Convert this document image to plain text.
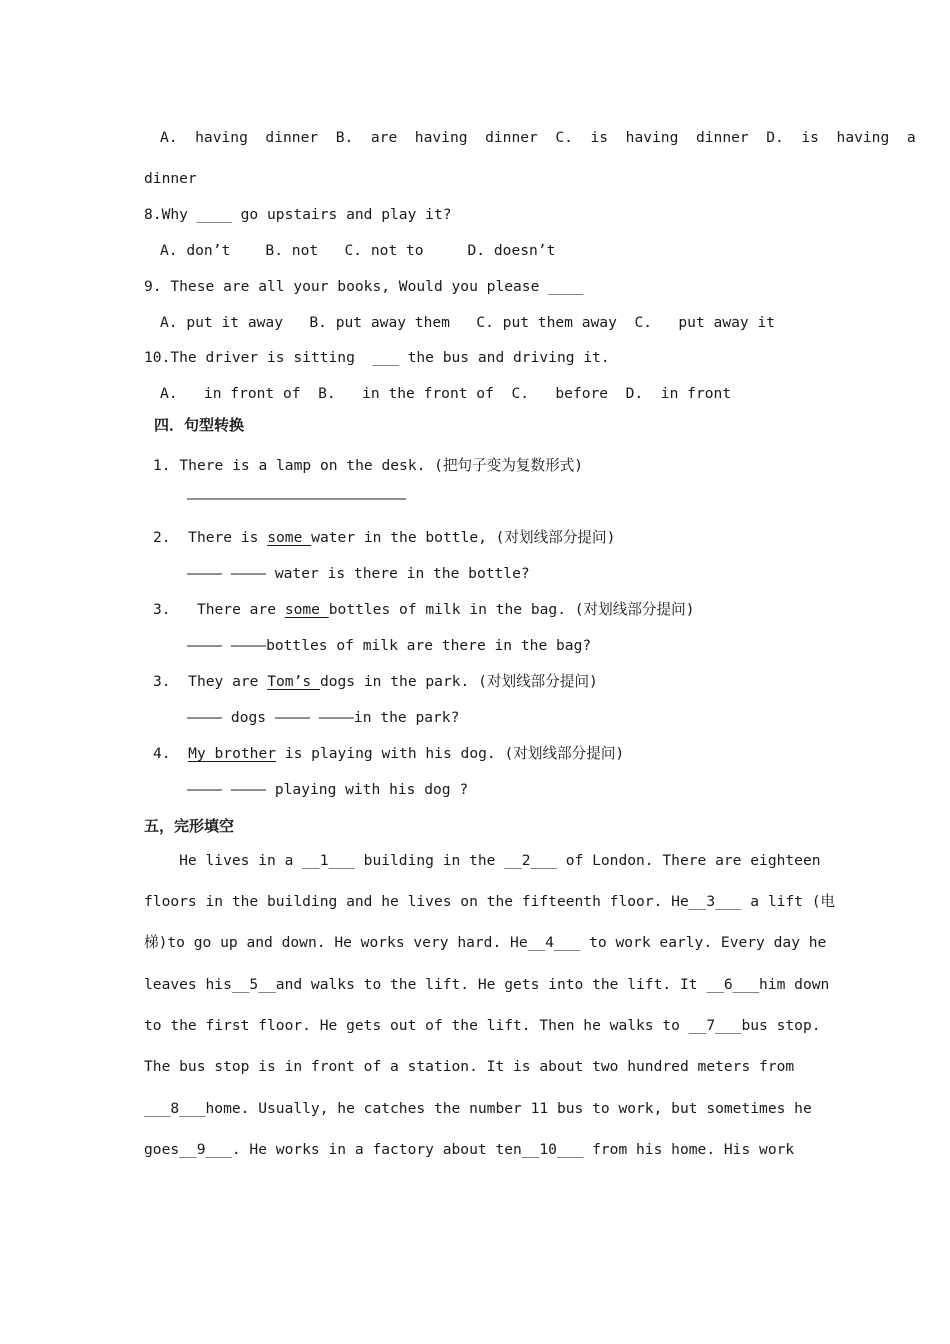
A.  having  dinner  B.  are  having  dinner  C.  is  having  dinner  D.  is  having  a
dinner
8.Why ____ go upstairs and play it?
A. don’t    B. not   C. not to     D. doesn’t
9. These are all your books, Would you please ____
A. put it away   B. put away them   C. put them away  C.   put away it
10.The driver is sitting  ___ the bus and driving it.
A.   in front of  B.   in the front of  C.   before  D.  in front
四．句型转换
1. There is a lamp on the desk. (把句子变为复数形式)
————————————————————————————
2. There is some water in the bottle, (对划线部分提问)
———— ———— water is there in the bottle?
3. There are some bottles of milk in the bag. (对划线部分提问)
———— ————bottles of milk are there in the bag?
3. They are Tom’s dogs in the park. (对划线部分提问)
———— dogs ———— ————in the park?
4. My brother is playing with his dog. (对划线部分提问)
———— ———— playing with his dog ?
五，完形填空
He lives in a __1___ building in the __2___ of London. There are eighteen
floors in the building and he lives on the fifteenth floor. He__3___ a lift (电
梯)to go up and down. He works very hard. He__4___ to work early. Every day he
leaves his__5__and walks to the lift. He gets into the lift. It __6___him down
to the first floor. He gets out of the lift. Then he walks to __7___bus stop.
The bus stop is in front of a station. It is about two hundred meters from
___8___home. Usually, he catches the number 11 bus to work, but sometimes he
goes__9___. He works in a factory about ten__10___ from his home. His work
